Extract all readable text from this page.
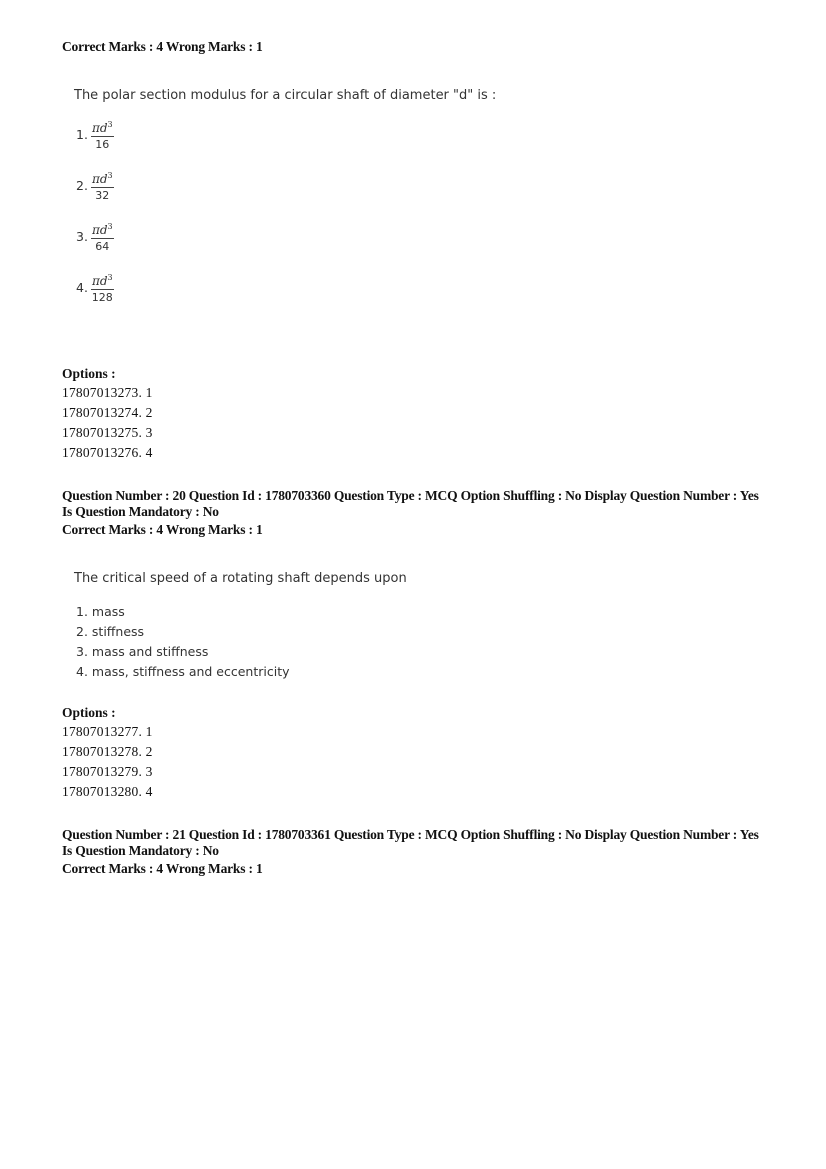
Correct Marks : 4 Wrong Marks : 1
The polar section modulus for a circular shaft of diameter "d" is :
1. $\frac{\pi d^3}{16}$
2. $\frac{\pi d^3}{32}$
3. $\frac{\pi d^3}{64}$
4. $\frac{\pi d^3}{128}$
Options :
17807013273. 1
17807013274. 2
17807013275. 3
17807013276. 4
Question Number : 20 Question Id : 1780703360 Question Type : MCQ Option Shuffling : No Display Question Number : Yes
Is Question Mandatory : No
Correct Marks : 4 Wrong Marks : 1
The critical speed of a rotating shaft depends upon
1. mass
2. stiffness
3. mass and stiffness
4. mass, stiffness and eccentricity
Options :
17807013277. 1
17807013278. 2
17807013279. 3
17807013280. 4
Question Number : 21 Question Id : 1780703361 Question Type : MCQ Option Shuffling : No Display Question Number : Yes
Is Question Mandatory : No
Correct Marks : 4 Wrong Marks : 1
